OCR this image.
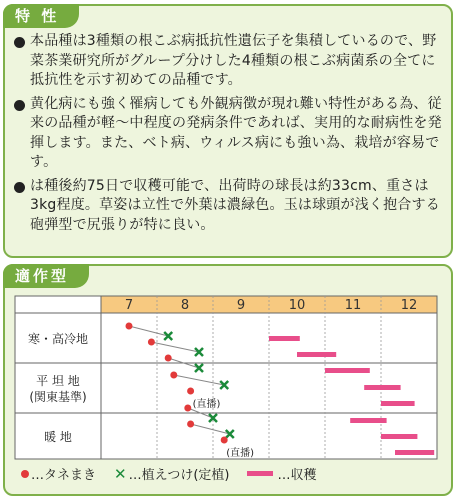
特 性
本品種は3種類の根こぶ病抵抗性遺伝子を集積しているので、野菜茶業研究所がグループ分けした4種類の根こぶ病菌系の全てに抵抗性を示す初めての品種です。
黄化病にも強く罹病しても外観病徴が現れ難い特性がある為、従来の品種が軽〜中程度の発病条件であれば、実用的な耐病性を発揮します。また、ベト病、ウィルス病にも強い為、栽培が容易です。
は種後約75日で収穫可能で、出荷時の球長は約33cm、重さは3kg程度。草姿は立性で外葉は濃緑色。玉は球頭が浅く抱合する砲弾型で尻張りが特に良い。
適作型
7	8	9	10	11	12
寒・高冷地
平 坦 地
(関東基準)
暖 地
(直播)
(直播)
…タネまき ✕ …植えつけ(定植)	…収穫
